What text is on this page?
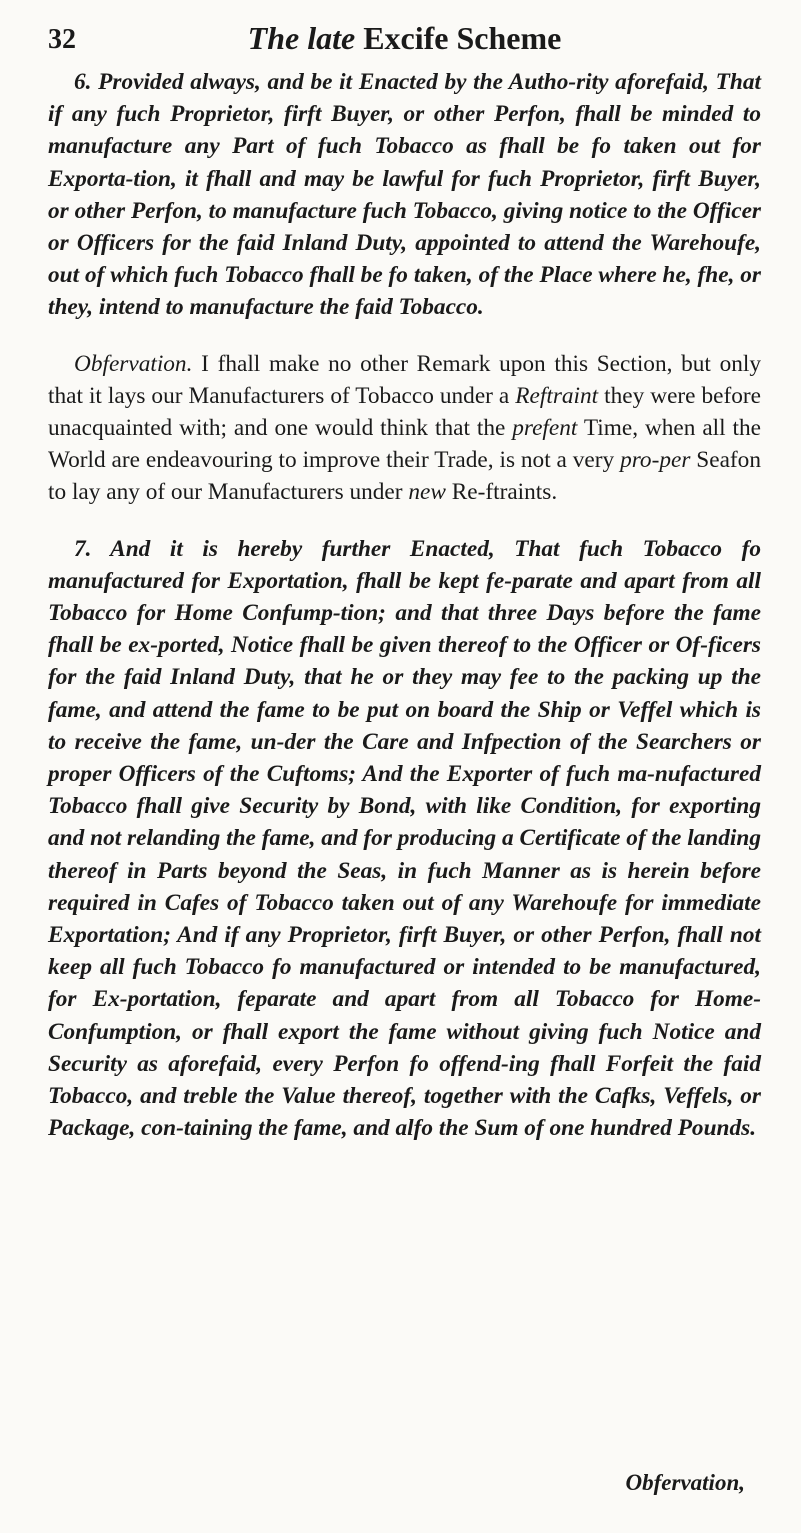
32	The late Excife Scheme

6. Provided always, and be it Enacted by the Autho-rity aforefaid, That if any fuch Proprietor, firft Buyer, or other Perfon, fhall be minded to manufacture any Part of fuch Tobacco as fhall be fo taken out for Exporta-tion, it fhall and may be lawful for fuch Proprietor, firft Buyer, or other Perfon, to manufacture fuch Tobacco, giving notice to the Officer or Officers for the faid Inland Duty, appointed to attend the Warehoufe, out of which fuch Tobacco fhall be fo taken, of the Place where he, fhe, or they, intend to manufacture the faid Tobacco.

Obfervation. I fhall make no other Remark upon this Section, but only that it lays our Manufacturers of Tobacco under a Reftraint they were before unacquainted with; and one would think that the prefent Time, when all the World are endeavouring to improve their Trade, is not a very pro-per Seafon to lay any of our Manufacturers under new Re-ftraints.

7. And it is hereby further Enacted, That fuch Tobacco fo manufactured for Exportation, fhall be kept fe-parate and apart from all Tobacco for Home Confump-tion; and that three Days before the fame fhall be ex-ported, Notice fhall be given thereof to the Officer or Of-ficers for the faid Inland Duty, that he or they may fee to the packing up the fame, and attend the fame to be put on board the Ship or Veffel which is to receive the fame, un-der the Care and Infpection of the Searchers or proper Officers of the Cuftoms; And the Exporter of fuch ma-nufactured Tobacco fhall give Security by Bond, with like Condition, for exporting and not relanding the fame, and for producing a Certificate of the landing thereof in Parts beyond the Seas, in fuch Manner as is herein before required in Cafes of Tobacco taken out of any Warehoufe for immediate Exportation; And if any Proprietor, firft Buyer, or other Perfon, fhall not keep all fuch Tobacco fo manufactured or intended to be manufactured, for Ex-portation, feparate and apart from all Tobacco for Home-Confumption, or fhall export the fame without giving fuch Notice and Security as aforefaid, every Perfon fo offend-ing fhall Forfeit the faid Tobacco, and treble the Value thereof, together with the Cafks, Veffels, or Package, con-taining the fame, and alfo the Sum of one hundred Pounds.

Obfervation,
